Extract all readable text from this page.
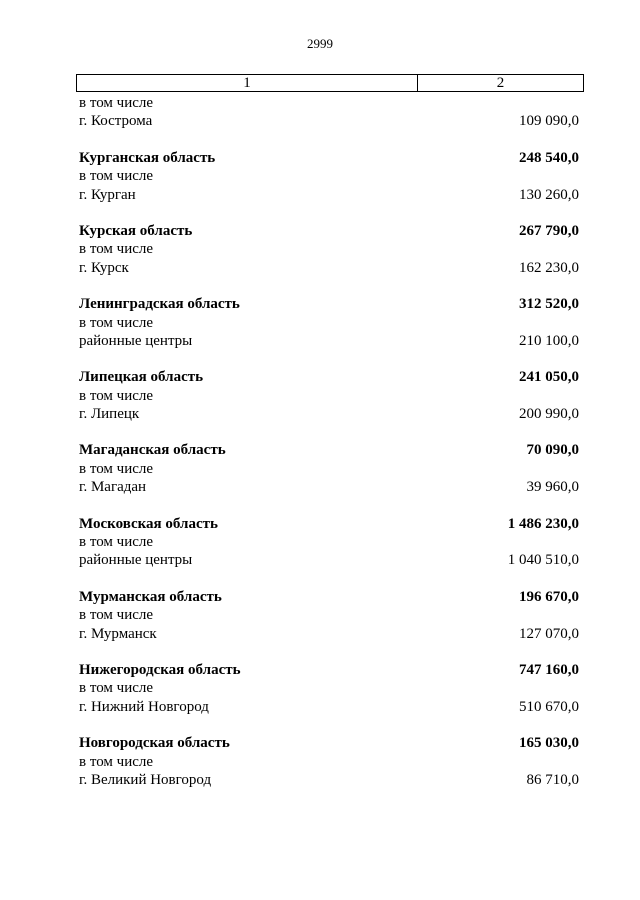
2999
1	2
в том числе
г. Кострома	109 090,0
Курганская область	248 540,0
в том числе
г. Курган	130 260,0
Курская область	267 790,0
в том числе
г. Курск	162 230,0
Ленинградская область	312 520,0
в том числе
районные центры	210 100,0
Липецкая область	241 050,0
в том числе
г. Липецк	200 990,0
Магаданская область	70 090,0
в том числе
г. Магадан	39 960,0
Московская область	1 486 230,0
в том числе
районные центры	1 040 510,0
Мурманская область	196 670,0
в том числе
г. Мурманск	127 070,0
Нижегородская область	747 160,0
в том числе
г. Нижний Новгород	510 670,0
Новгородская область	165 030,0
в том числе
г. Великий Новгород	86 710,0
